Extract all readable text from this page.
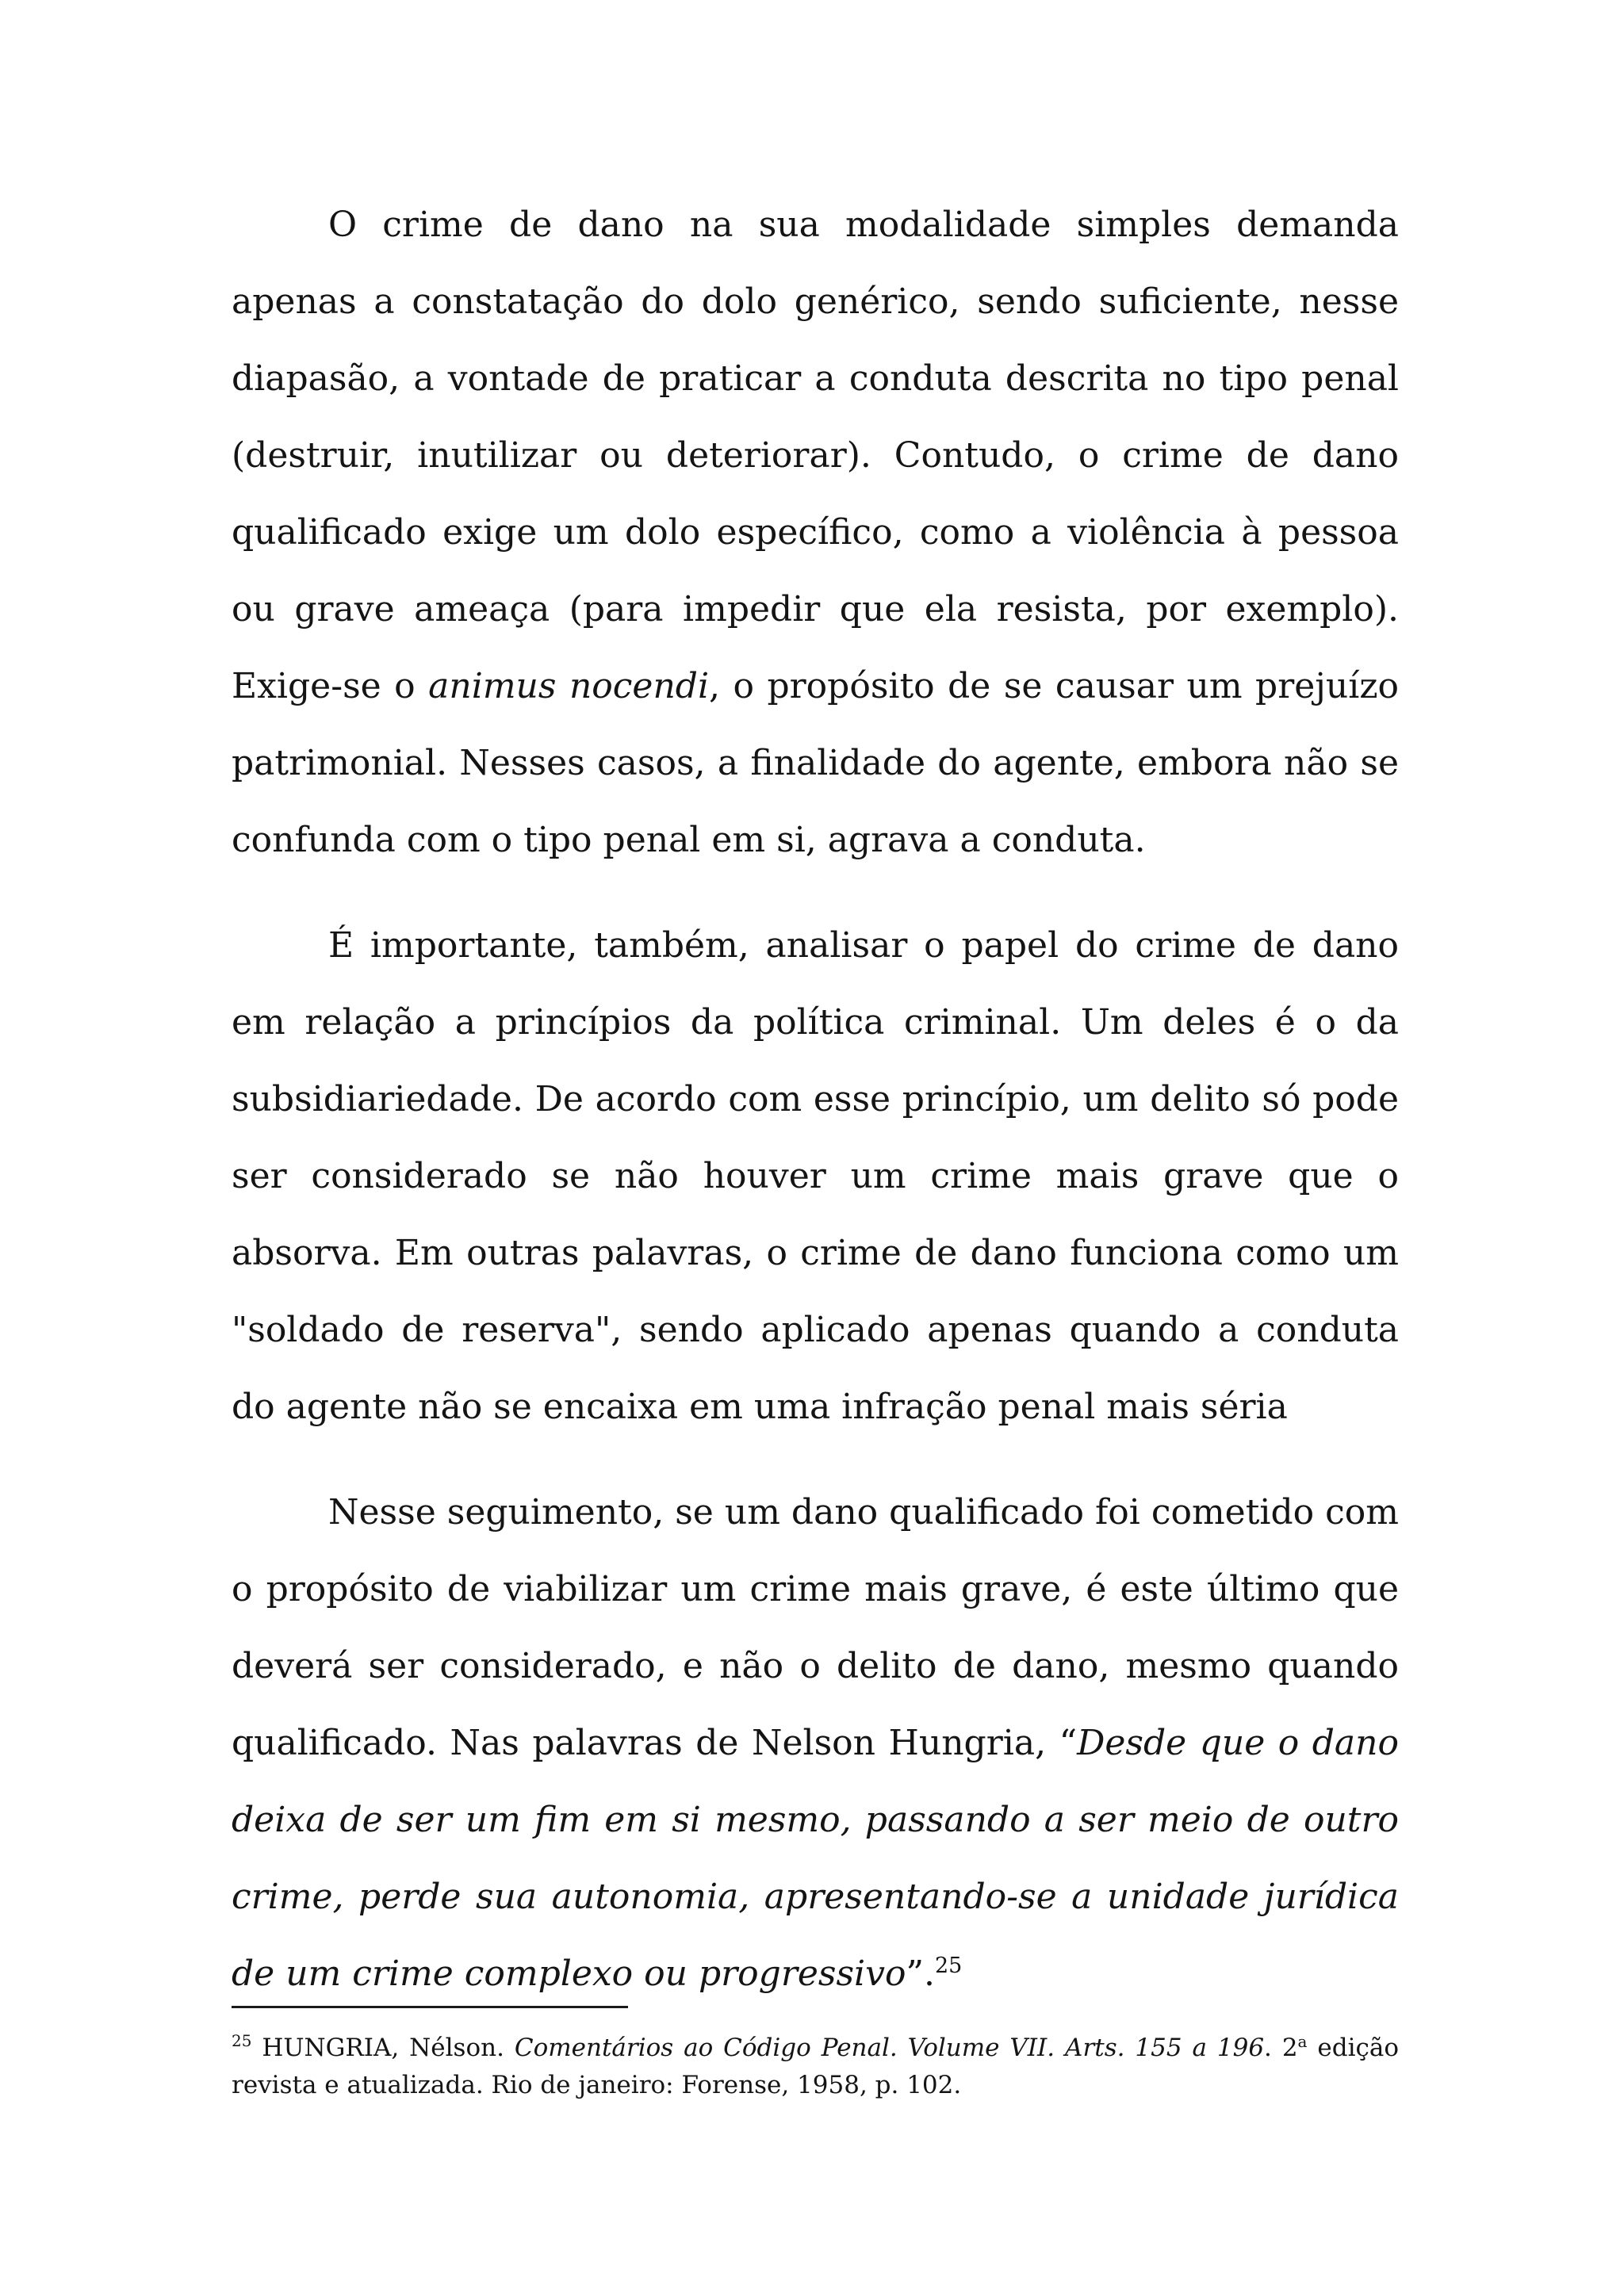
O crime de dano na sua modalidade simples demanda apenas a constatação do dolo genérico, sendo suficiente, nesse diapasão, a vontade de praticar a conduta descrita no tipo penal (destruir, inutilizar ou deteriorar). Contudo, o crime de dano qualificado exige um dolo específico, como a violência à pessoa ou grave ameaça (para impedir que ela resista, por exemplo). Exige-se o animus nocendi, o propósito de se causar um prejuízo patrimonial. Nesses casos, a finalidade do agente, embora não se confunda com o tipo penal em si, agrava a conduta.

É importante, também, analisar o papel do crime de dano em relação a princípios da política criminal. Um deles é o da subsidiariedade. De acordo com esse princípio, um delito só pode ser considerado se não houver um crime mais grave que o absorva. Em outras palavras, o crime de dano funciona como um "soldado de reserva", sendo aplicado apenas quando a conduta do agente não se encaixa em uma infração penal mais séria

Nesse seguimento, se um dano qualificado foi cometido com o propósito de viabilizar um crime mais grave, é este último que deverá ser considerado, e não o delito de dano, mesmo quando qualificado. Nas palavras de Nelson Hungria, “Desde que o dano deixa de ser um fim em si mesmo, passando a ser meio de outro crime, perde sua autonomia, apresentando-se a unidade jurídica de um crime complexo ou progressivo”.$^{25}$

$^{25}$ HUNGRIA, Nélson. Comentários ao Código Penal. Volume VII. Arts. 155 a 196. 2$^a$ edição revista e atualizada. Rio de janeiro: Forense, 1958, p. 102.
